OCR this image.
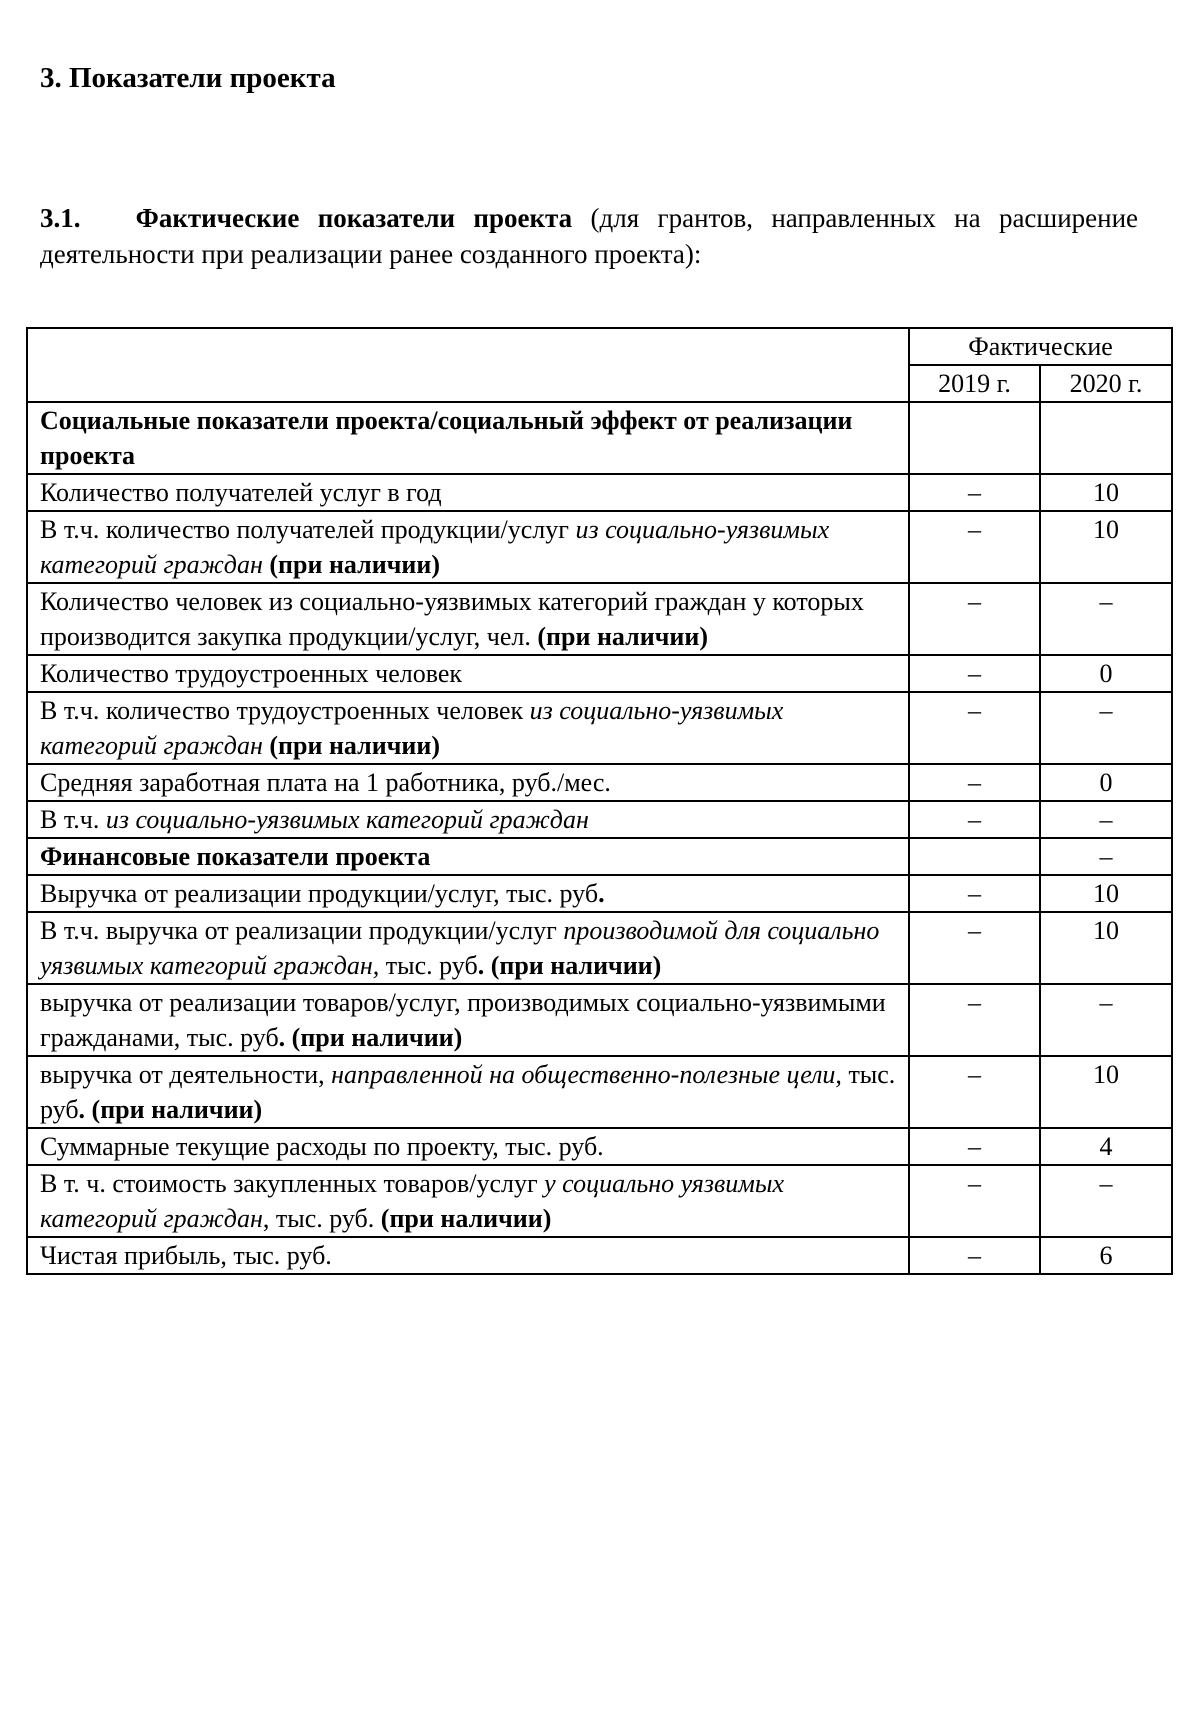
3. Показатели проекта

3.1. Фактические показатели проекта (для грантов, направленных на расширение деятельности при реализации ранее созданного проекта):

	Фактические	
	2019 г.	2020 г.
Социальные показатели проекта/социальный эффект от реализации проекта		
Количество получателей услуг в год	–	10
В т.ч. количество получателей продукции/услуг из социально-уязвимых категорий граждан (при наличии)	–	10
Количество человек из социально-уязвимых категорий граждан у которых производится закупка продукции/услуг, чел. (при наличии)	–	–
Количество трудоустроенных человек	–	0
В т.ч. количество трудоустроенных человек из социально-уязвимых категорий граждан (при наличии)	–	–
Средняя заработная плата на 1 работника, руб./мес.	–	0
В т.ч. из социально-уязвимых категорий граждан	–	–
Финансовые показатели проекта		–
Выручка от реализации продукции/услуг, тыс. руб.	–	10
В т.ч. выручка от реализации продукции/услуг производимой для социально уязвимых категорий граждан, тыс. руб. (при наличии)	–	10
выручка от реализации товаров/услуг, производимых социально-уязвимыми гражданами, тыс. руб. (при наличии)	–	–
выручка от деятельности, направленной на общественно-полезные цели, тыс. руб. (при наличии)	–	10
Суммарные текущие расходы по проекту, тыс. руб.	–	4
В т. ч. стоимость закупленных товаров/услуг у социально уязвимых категорий граждан, тыс. руб. (при наличии)	–	–
Чистая прибыль, тыс. руб.	–	6
